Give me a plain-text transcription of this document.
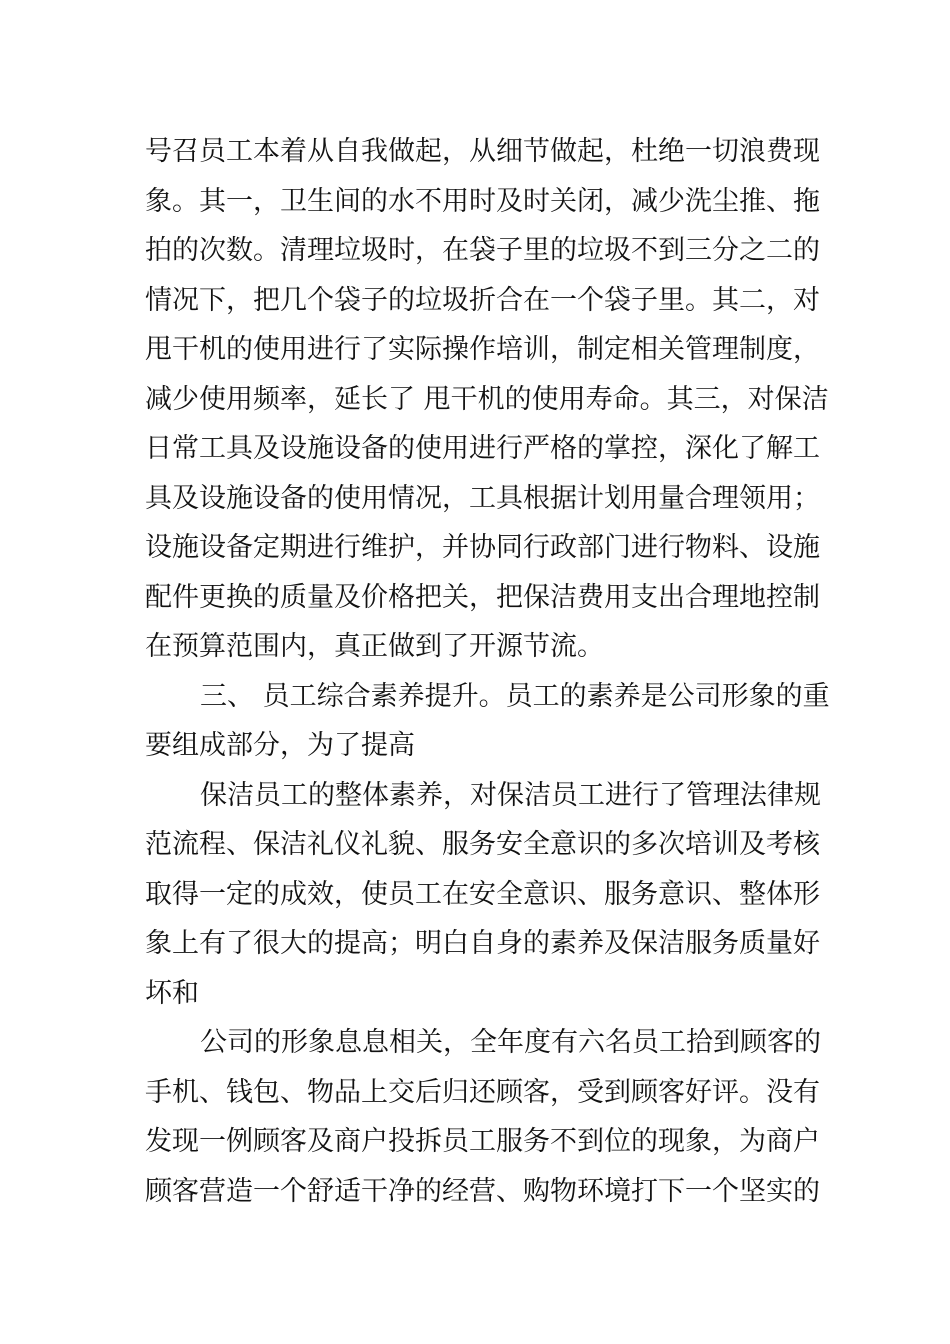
号召员工本着从自我做起，从细节做起，杜绝一切浪费现
象。其一，卫生间的水不用时及时关闭，减少洗尘推、拖
拍的次数。清理垃圾时，在袋子里的垃圾不到三分之二的
情况下，把几个袋子的垃圾折合在一个袋子里。其二，对
甩干机的使用进行了实际操作培训，制定相关管理制度，
减少使用频率，延长了 甩干机的使用寿命。其三，对保洁
日常工具及设施设备的使用进行严格的掌控，深化了解工
具及设施设备的使用情况，工具根据计划用量合理领用；
设施设备定期进行维护，并协同行政部门进行物料、设施
配件更换的质量及价格把关，把保洁费用支出合理地控制
在预算范围内，真正做到了开源节流。
三、 员工综合素养提升。员工的素养是公司形象的重
要组成部分，为了提高
保洁员工的整体素养，对保洁员工进行了管理法律规
范流程、保洁礼仪礼貌、服务安全意识的多次培训及考核
取得一定的成效，使员工在安全意识、服务意识、整体形
象上有了很大的提高；明白自身的素养及保洁服务质量好
坏和
公司的形象息息相关，全年度有六名员工拾到顾客的
手机、钱包、物品上交后归还顾客，受到顾客好评。没有
发现一例顾客及商户投拆员工服务不到位的现象，为商户
顾客营造一个舒适干净的经营、购物环境打下一个坚实的
